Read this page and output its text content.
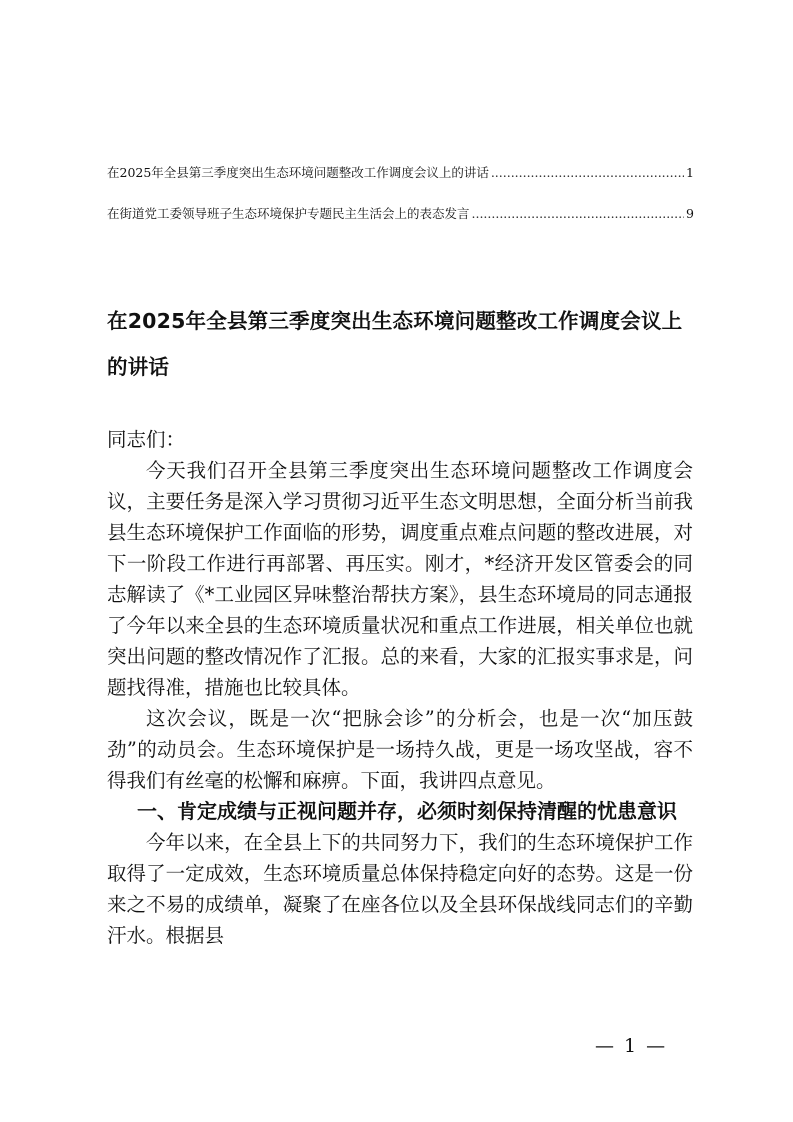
在2025年全县第三季度突出生态环境问题整改工作调度会议上的讲话 .....	1
在街道党工委领导班子生态环境保护专题民主生活会上的表态发言 .....	9
在2025年全县第三季度突出生态环境问题整改工作调度会议上的讲话

同志们：

今天我们召开全县第三季度突出生态环境问题整改工作调度会议，主要任务是深入学习贯彻习近平生态文明思想，全面分析当前我县生态环境保护工作面临的形势，调度重点难点问题的整改进展，对下一阶段工作进行再部署、再压实。刚才，*经济开发区管委会的同志解读了《*工业园区异味整治帮扶方案》，县生态环境局的同志通报了今年以来全县的生态环境质量状况和重点工作进展，相关单位也就突出问题的整改情况作了汇报。总的来看，大家的汇报实事求是，问题找得准，措施也比较具体。

这次会议，既是一次“把脉会诊”的分析会，也是一次“加压鼓劲”的动员会。生态环境保护是一场持久战，更是一场攻坚战，容不得我们有丝毫的松懈和麻痹。下面，我讲四点意见。

一、肯定成绩与正视问题并存，必须时刻保持清醒的忧患意识

今年以来，在全县上下的共同努力下，我们的生态环境保护工作取得了一定成效，生态环境质量总体保持稳定向好的态势。这是一份来之不易的成绩单，凝聚了在座各位以及全县环保战线同志们的辛勤汗水。根据县

— 1 —
